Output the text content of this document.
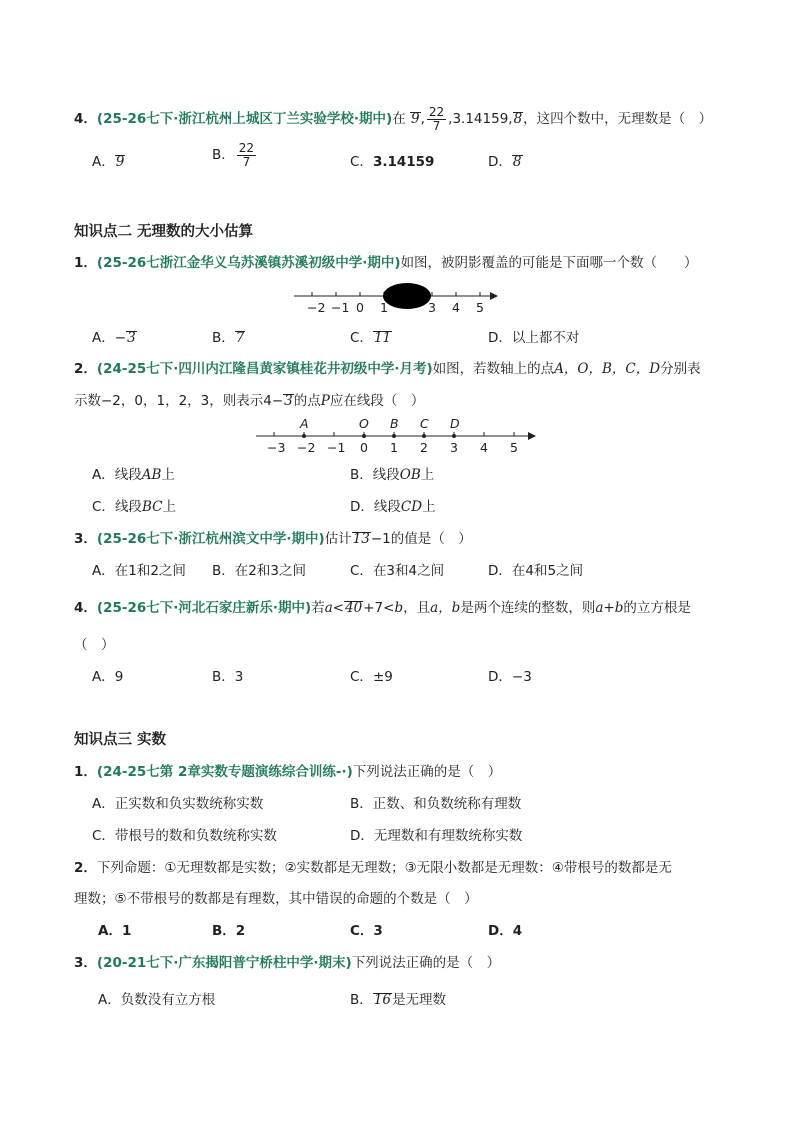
4．(25-26七下·浙江杭州上城区丁兰实验学校·期中)在 9, $\frac{22}{7} ,3.14159,8$，这四个数中，无理数是（　）
A．9	B． $\frac{22}{7}$	C．3.14159	D．8
知识点二 无理数的大小估算
1．(25-26七浙江金华义乌苏溪镇苏溪初级中学·期中)如图，被阴影覆盖的可能是下面哪一个数（　　）
−2 −1 0 1	3 4 5
A．−3	B．7	C．11	D．以上都不对
2．(24-25七下·四川内江隆昌黄家镇桂花井初级中学·月考)如图，若数轴上的点A，O，B，C，D分别表
示数−2，0，1，2，3，则表示4−3的点P应在线段（　）
A	O B C D
−3 −2 −1 0 1 2 3 4 5
A．线段AB上	B．线段OB上
C．线段BC上	D．线段CD上
3．(25-26七下·浙江杭州滨文中学·期中)估计13−1的值是（　）
A．在1和2之间 B．在2和3之间	C．在3和4之间	D．在4和5之间
4．(25-26七下·河北石家庄新乐·期中)若a<40+7<b，且a，b是两个连续的整数，则a+b的立方根是
（　）
A．9	B．3	C．±9	D．−3
知识点三 实数
1．(24-25七第 2章实数专题演练综合训练-·)下列说法正确的是（　）
A．正实数和负实数统称实数	B．正数、和负数统称有理数
C．带根号的数和负数统称实数	D．无理数和有理数统称实数
2．下列命题：①无理数都是实数；②实数都是无理数；③无限小数都是无理数：④带根号的数都是无
理数；⑤不带根号的数都是有理数，其中错误的命题的个数是（　）
A．1	B．2	C．3	D．4
3．(20-21七下·广东揭阳普宁桥柱中学·期末)下列说法正确的是（　）
A．负数没有立方根	B．16是无理数
